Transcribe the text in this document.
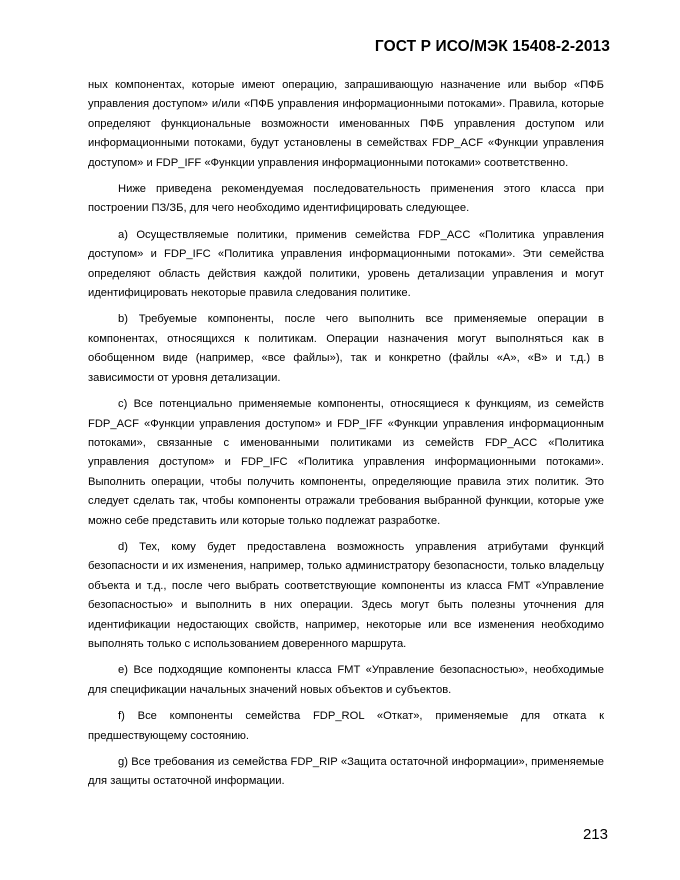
ГОСТ Р ИСО/МЭК 15408-2-2013

ных компонентах, которые имеют операцию, запрашивающую назначение или выбор «ПФБ управления доступом» и/или «ПФБ управления информационными потоками». Правила, которые определяют функциональные возможности именованных ПФБ управления доступом или информационными потоками, будут установлены в семействах FDP_ACF «Функции управления доступом» и FDP_IFF «Функции управления информационными потоками» соответственно.

Ниже приведена рекомендуемая последовательность применения этого класса при построении ПЗ/ЗБ, для чего необходимо идентифицировать следующее.

a) Осуществляемые политики, применив семейства FDP_ACC «Политика управления доступом» и FDP_IFC «Политика управления информационными потоками». Эти семейства определяют область действия каждой политики, уровень детализации управления и могут идентифицировать некоторые правила следования политике.

b) Требуемые компоненты, после чего выполнить все применяемые операции в компонентах, относящихся к политикам. Операции назначения могут выполняться как в обобщенном виде (например, «все файлы»), так и конкретно (файлы «А», «В» и т.д.) в зависимости от уровня детализации.

c) Все потенциально применяемые компоненты, относящиеся к функциям, из семейств FDP_ACF «Функции управления доступом» и FDP_IFF «Функции управления информационным потоками», связанные с именованными политиками из семейств FDP_ACC «Политика управления доступом» и FDP_IFC «Политика управления информационными потоками». Выполнить операции, чтобы получить компоненты, определяющие правила этих политик. Это следует сделать так, чтобы компоненты отражали требования выбранной функции, которые уже можно себе представить или которые только подлежат разработке.

d) Тех, кому будет предоставлена возможность управления атрибутами функций безопасности и их изменения, например, только администратору безопасности, только владельцу объекта и т.д., после чего выбрать соответствующие компоненты из класса FMT «Управление безопасностью» и выполнить в них операции. Здесь могут быть полезны уточнения для идентификации недостающих свойств, например, некоторые или все изменения необходимо выполнять только с использованием доверенного маршрута.

e) Все подходящие компоненты класса FMT «Управление безопасностью», необходимые для спецификации начальных значений новых объектов и субъектов.

f) Все компоненты семейства FDP_ROL «Откат», применяемые для отката к предшествующему состоянию.

g) Все требования из семейства FDP_RIP «Защита остаточной информации», применяемые для защиты остаточной информации.

213
